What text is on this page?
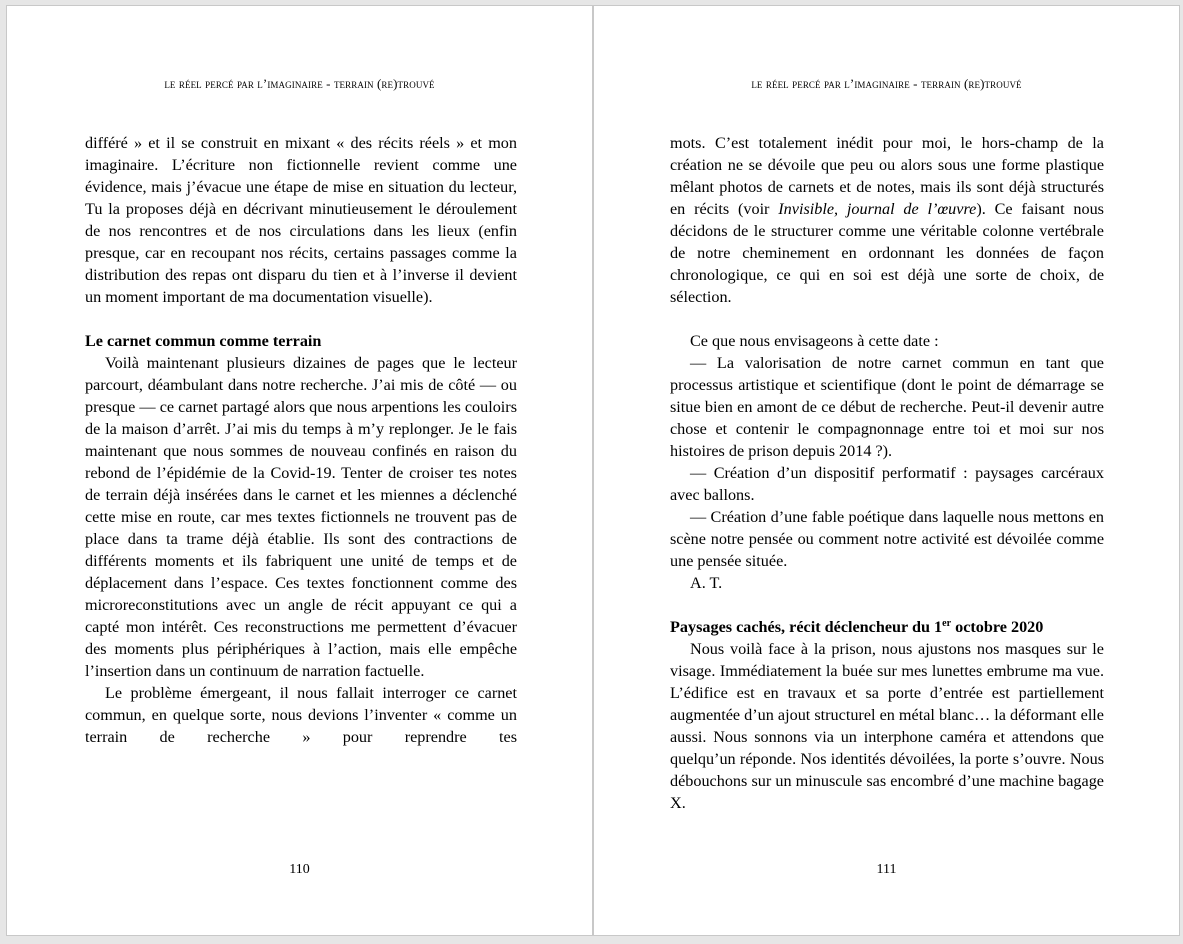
le réel percé par l’imaginaire - terrain (re)trouvé

différé » et il se construit en mixant « des récits réels » et mon imaginaire. L’écriture non fictionnelle revient comme une évidence, mais j’évacue une étape de mise en situation du lecteur, Tu la proposes déjà en décrivant minutieusement le déroulement de nos rencontres et de nos circulations dans les lieux (enfin presque, car en recoupant nos récits, certains passages comme la distribution des repas ont disparu du tien et à l’inverse il devient un moment important de ma documentation visuelle).

Le carnet commun comme terrain

Voilà maintenant plusieurs dizaines de pages que le lecteur parcourt, déambulant dans notre recherche. J’ai mis de côté — ou presque — ce carnet partagé alors que nous arpentions les couloirs de la maison d’arrêt. J’ai mis du temps à m’y replonger. Je le fais maintenant que nous sommes de nouveau confinés en raison du rebond de l’épidémie de la Covid-19. Tenter de croiser tes notes de terrain déjà insérées dans le carnet et les miennes a déclenché cette mise en route, car mes textes fictionnels ne trouvent pas de place dans ta trame déjà établie. Ils sont des contractions de différents moments et ils fabriquent une unité de temps et de déplacement dans l’espace. Ces textes fonctionnent comme des microreconstitutions avec un angle de récit appuyant ce qui a capté mon intérêt. Ces reconstructions me permettent d’évacuer des moments plus périphériques à l’action, mais elle empêche l’insertion dans un continuum de narration factuelle.

Le problème émergeant, il nous fallait interroger ce carnet commun, en quelque sorte, nous devions l’inventer « comme un terrain de recherche » pour reprendre tes

110
le réel percé par l’imaginaire - terrain (re)trouvé

mots. C’est totalement inédit pour moi, le hors-champ de la création ne se dévoile que peu ou alors sous une forme plastique mêlant photos de carnets et de notes, mais ils sont déjà structurés en récits (voir Invisible, journal de l’œuvre). Ce faisant nous décidons de le structurer comme une véritable colonne vertébrale de notre cheminement en ordonnant les données de façon chronologique, ce qui en soi est déjà une sorte de choix, de sélection.

Ce que nous envisageons à cette date :

— La valorisation de notre carnet commun en tant que processus artistique et scientifique (dont le point de démarrage se situe bien en amont de ce début de recherche. Peut-il devenir autre chose et contenir le compagnonnage entre toi et moi sur nos histoires de prison depuis 2014 ?).

— Création d’un dispositif performatif : paysages carcéraux avec ballons.

— Création d’une fable poétique dans laquelle nous mettons en scène notre pensée ou comment notre activité est dévoilée comme une pensée située.

A. T.

Paysages cachés, récit déclencheur du 1er octobre 2020

Nous voilà face à la prison, nous ajustons nos masques sur le visage. Immédiatement la buée sur mes lunettes embrume ma vue. L’édifice est en travaux et sa porte d’entrée est partiellement augmentée d’un ajout structurel en métal blanc… la déformant elle aussi. Nous sonnons via un interphone caméra et attendons que quelqu’un réponde. Nos identités dévoilées, la porte s’ouvre. Nous débouchons sur un minuscule sas encombré d’une machine bagage X.

111
